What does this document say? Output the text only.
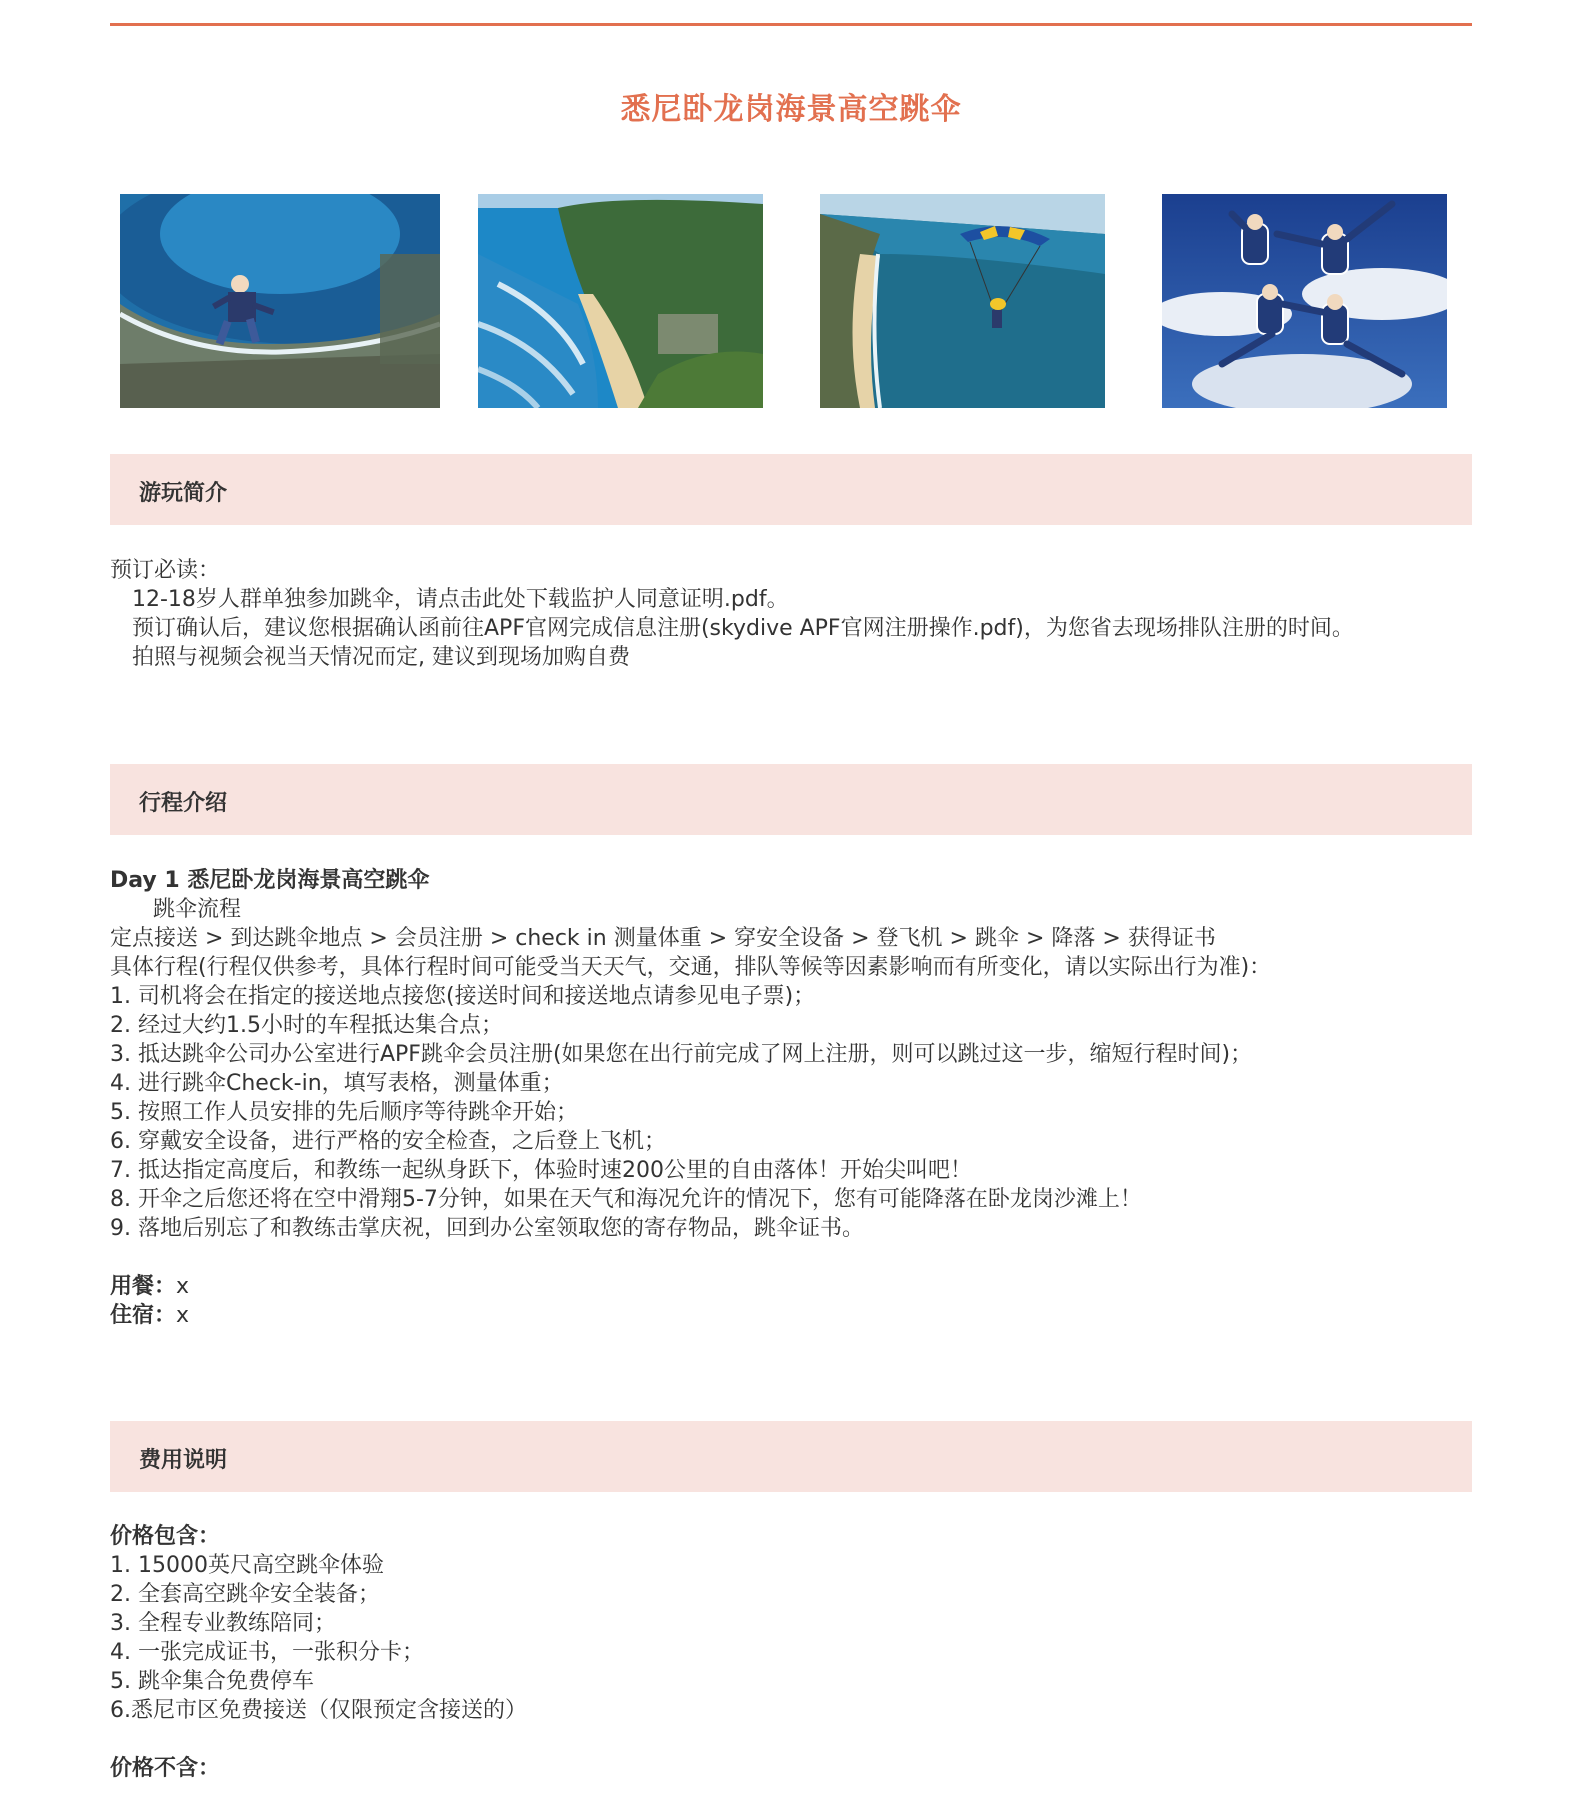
悉尼卧龙岗海景高空跳伞
游玩简介
预订必读：
12-18岁人群单独参加跳伞，请点击此处下载监护人同意证明.pdf。
预订确认后，建议您根据确认函前往APF官网完成信息注册(skydive APF官网注册操作.pdf)，为您省去现场排队注册的时间。
拍照与视频会视当天情况而定, 建议到现场加购自费
行程介绍
Day 1 悉尼卧龙岗海景高空跳伞
跳伞流程
定点接送 > 到达跳伞地点 > 会员注册 > check in 测量体重 > 穿安全设备 > 登飞机 > 跳伞 > 降落 > 获得证书
具体行程(行程仅供参考，具体行程时间可能受当天天气，交通，排队等候等因素影响而有所变化，请以实际出行为准)：
1. 司机将会在指定的接送地点接您(接送时间和接送地点请参见电子票)；
2. 经过大约1.5小时的车程抵达集合点；
3. 抵达跳伞公司办公室进行APF跳伞会员注册(如果您在出行前完成了网上注册，则可以跳过这一步，缩短行程时间)；
4. 进行跳伞Check-in，填写表格，测量体重；
5. 按照工作人员安排的先后顺序等待跳伞开始；
6. 穿戴安全设备，进行严格的安全检查，之后登上飞机；
7. 抵达指定高度后，和教练一起纵身跃下，体验时速200公里的自由落体！开始尖叫吧！
8. 开伞之后您还将在空中滑翔5-7分钟，如果在天气和海况允许的情况下，您有可能降落在卧龙岗沙滩上！
9. 落地后别忘了和教练击掌庆祝，回到办公室领取您的寄存物品，跳伞证书。
用餐：x
住宿：x
费用说明
价格包含：
1. 15000英尺高空跳伞体验
2. 全套高空跳伞安全装备；
3. 全程专业教练陪同；
4. 一张完成证书，一张积分卡；
5. 跳伞集合免费停车
6.悉尼市区免费接送（仅限预定含接送的）
价格不含：
